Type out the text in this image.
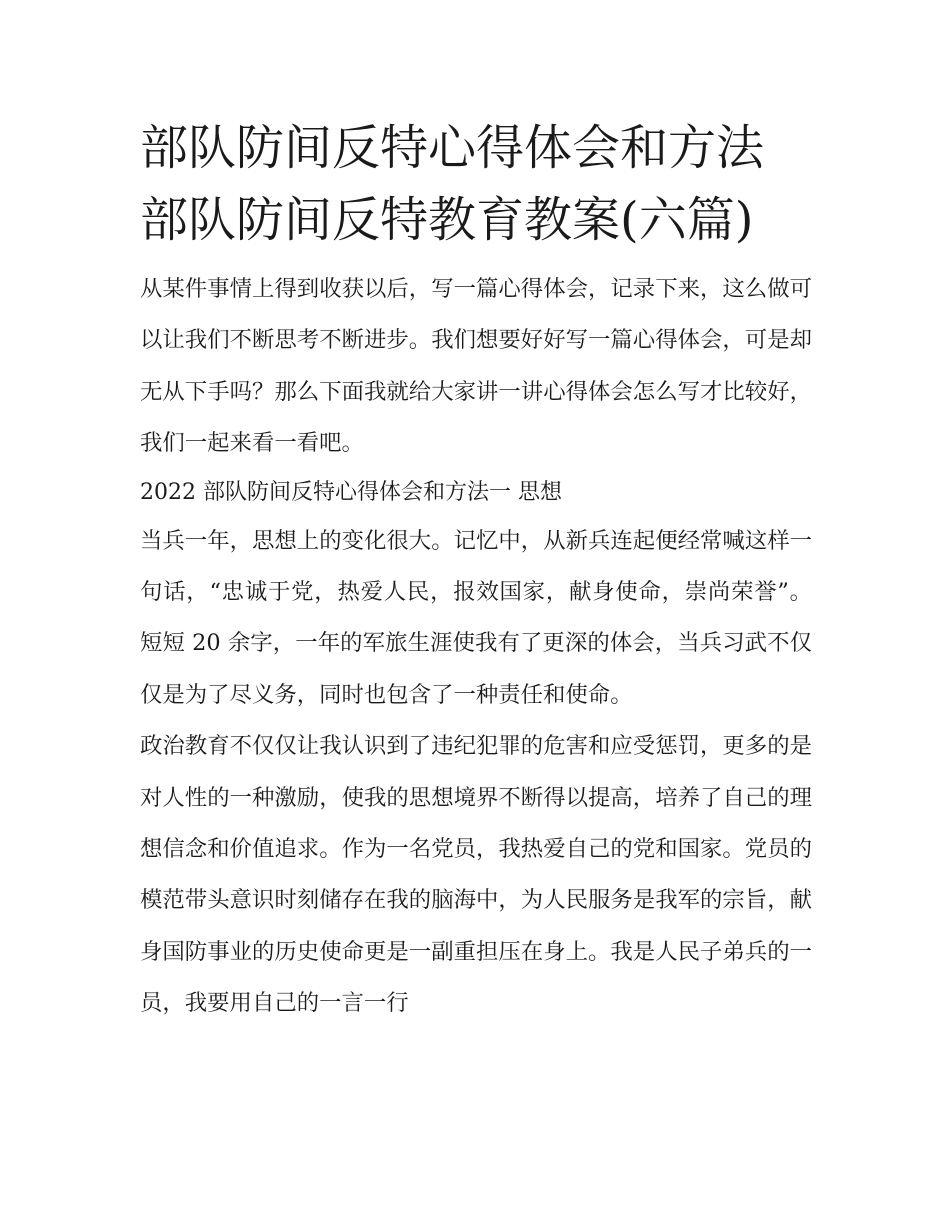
部队防间反特心得体会和方法
部队防间反特教育教案(六篇)

从某件事情上得到收获以后，写一篇心得体会，记录下来，这么做可以让我们不断思考不断进步。我们想要好好写一篇心得体会，可是却无从下手吗？那么下面我就给大家讲一讲心得体会怎么写才比较好，我们一起来看一看吧。

2022 部队防间反特心得体会和方法一 思想

当兵一年，思想上的变化很大。记忆中，从新兵连起便经常喊这样一句话，“忠诚于党，热爱人民，报效国家，献身使命，崇尚荣誉”。短短 20 余字，一年的军旅生涯使我有了更深的体会，当兵习武不仅仅是为了尽义务，同时也包含了一种责任和使命。

政治教育不仅仅让我认识到了违纪犯罪的危害和应受惩罚，更多的是对人性的一种激励，使我的思想境界不断得以提高，培养了自己的理想信念和价值追求。作为一名党员，我热爱自己的党和国家。党员的模范带头意识时刻储存在我的脑海中，为人民服务是我军的宗旨，献身国防事业的历史使命更是一副重担压在身上。我是人民子弟兵的一员，我要用自己的一言一行
